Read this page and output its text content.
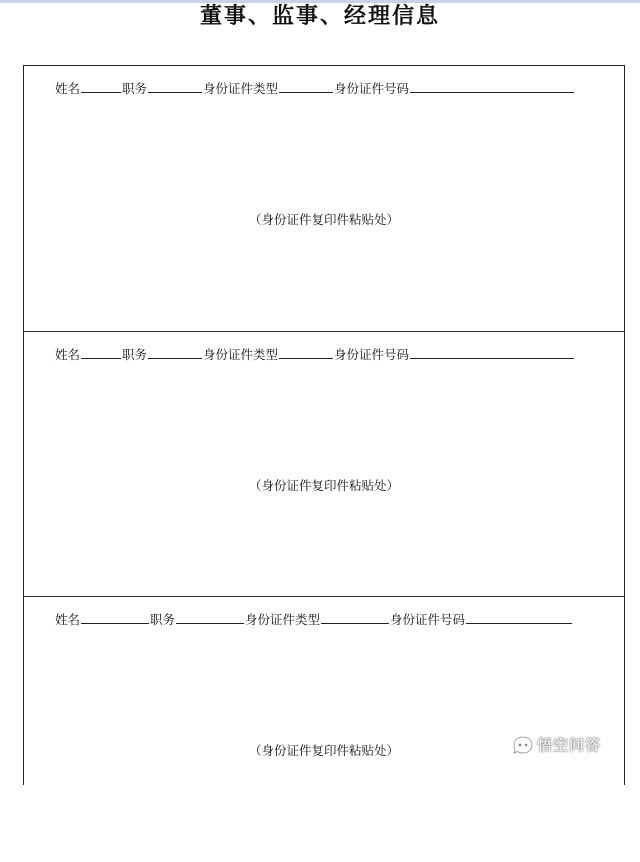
董事、监事、经理信息
姓名	职务	身份证件类型	身份证件号码
（身份证件复印件粘贴处）
姓名	职务	身份证件类型	身份证件号码
（身份证件复印件粘贴处）
姓名	职务	身份证件类型	身份证件号码
（身份证件复印件粘贴处）	悟空问答
